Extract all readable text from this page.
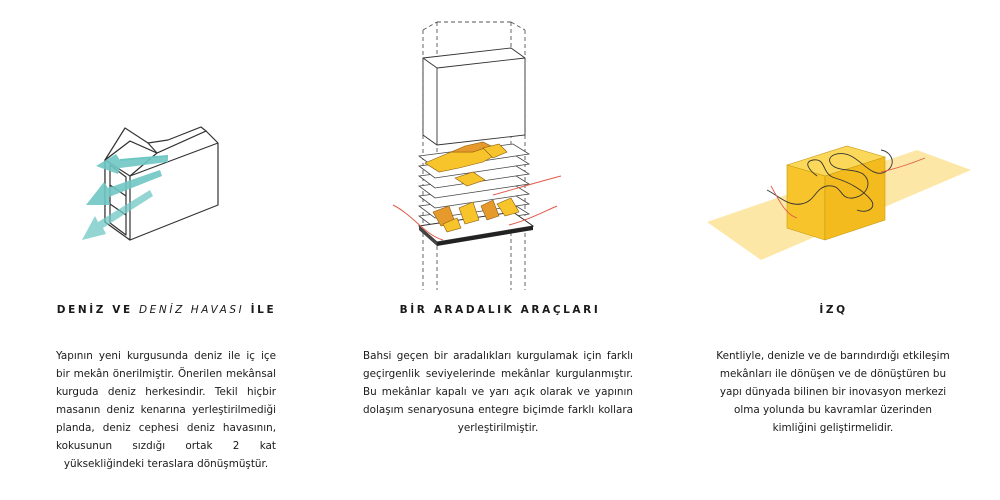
DENİZ VE DENİZ HAVASI İLE

Yapının yeni kurgusunda deniz ile iç içe bir mekân önerilmiştir. Önerilen mekânsal kurguda deniz herkesindir. Tekil hiçbir masanın deniz kenarına yerleştirilmediği planda, deniz cephesi deniz havasının, kokusunun sızdığı ortak 2 kat yüksekliğindeki teraslara dönüşmüştür.

BİR ARADALIK ARAÇLARI

Bahsi geçen bir aradalıkları kurgulamak için farklı geçirgenlik seviyelerinde mekânlar kurgulanmıştır. Bu mekânlar kapalı ve yarı açık olarak ve yapının dolaşım senaryosuna entegre biçimde farklı kollara yerleştirilmiştir.

İZQ

Kentliyle, denizle ve de barındırdığı etkileşim mekânları ile dönüşen ve de dönüştüren bu yapı dünyada bilinen bir inovasyon merkezi olma yolunda bu kavramlar üzerinden kimliğini geliştirmelidir.
